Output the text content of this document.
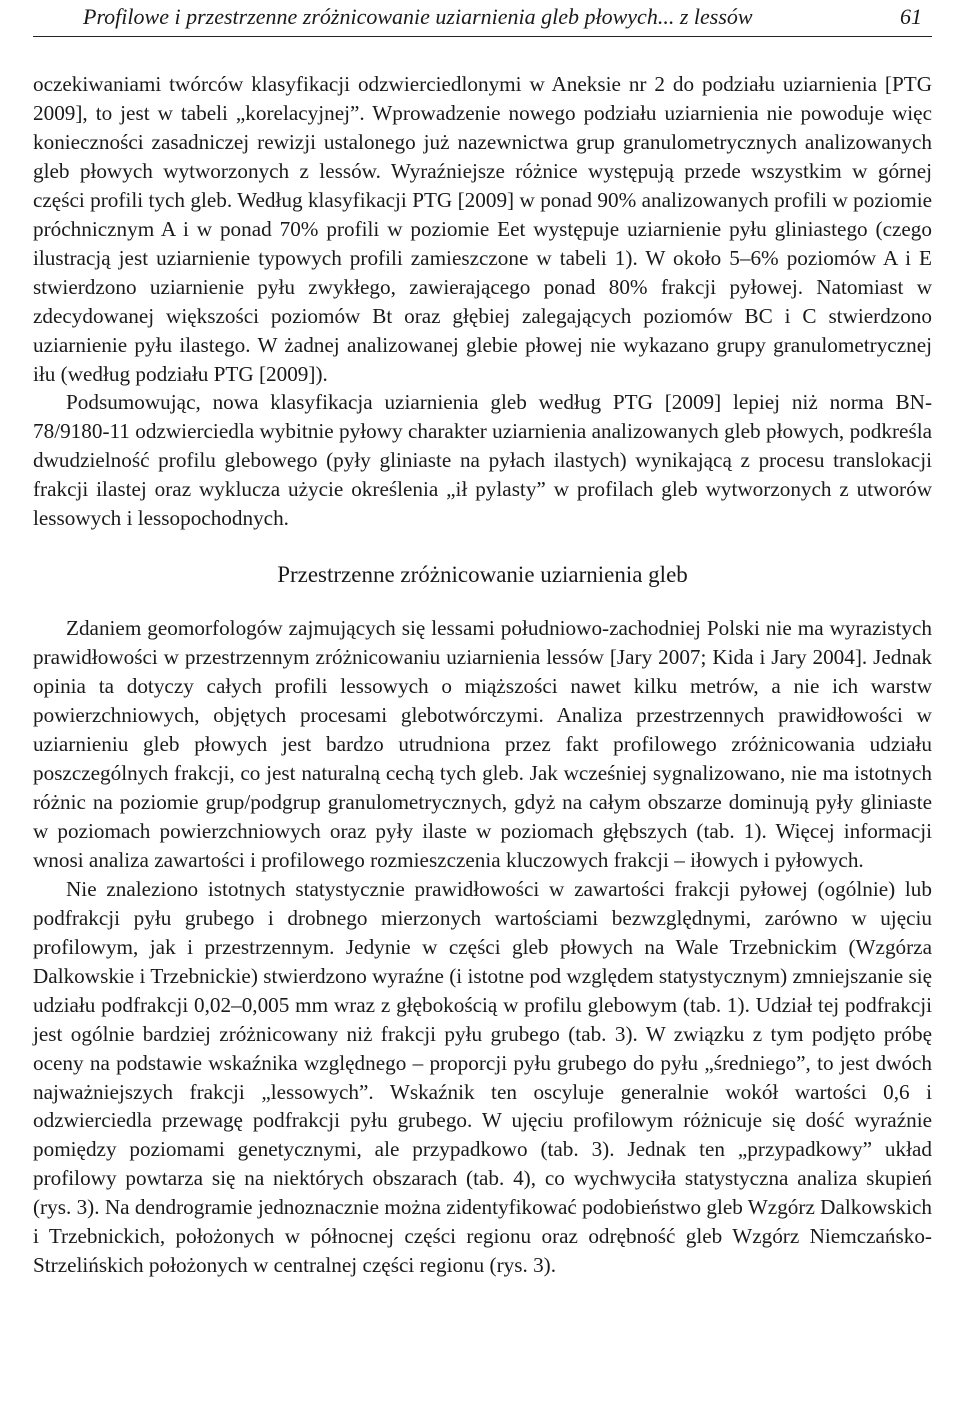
Profilowe i przestrzenne zróżnicowanie uziarnienia gleb płowych... z lessów	61

oczekiwaniami twórców klasyfikacji odzwierciedlonymi w Aneksie nr 2 do podziału uziarnienia [PTG 2009], to jest w tabeli „korelacyjnej”. Wprowadzenie nowego podziału uziarnienia nie powoduje więc konieczności zasadniczej rewizji ustalonego już nazewnictwa grup granulometrycznych analizowanych gleb płowych wytworzonych z lessów. Wyraźniejsze różnice występują przede wszystkim w górnej części profili tych gleb. Według klasyfikacji PTG [2009] w ponad 90% analizowanych profili w poziomie próchnicznym A i w ponad 70% profili w poziomie Eet występuje uziarnienie pyłu gliniastego (czego ilustracją jest uziarnienie typowych profili zamieszczone w tabeli 1). W około 5–6% poziomów A i E stwierdzono uziarnienie pyłu zwykłego, zawierającego ponad 80% frakcji pyłowej. Natomiast w zdecydowanej większości poziomów Bt oraz głębiej zalegających poziomów BC i C stwierdzono uziarnienie pyłu ilastego. W żadnej analizowanej glebie płowej nie wykazano grupy granulometrycznej iłu (według podziału PTG [2009]).

Podsumowując, nowa klasyfikacja uziarnienia gleb według PTG [2009] lepiej niż norma BN-78/9180-11 odzwierciedla wybitnie pyłowy charakter uziarnienia analizowanych gleb płowych, podkreśla dwudzielność profilu glebowego (pyły gliniaste na pyłach ilastych) wynikającą z procesu translokacji frakcji ilastej oraz wyklucza użycie określenia „ił pylasty” w profilach gleb wytworzonych z utworów lessowych i lessopochodnych.

Przestrzenne zróżnicowanie uziarnienia gleb

Zdaniem geomorfologów zajmujących się lessami południowo-zachodniej Polski nie ma wyrazistych prawidłowości w przestrzennym zróżnicowaniu uziarnienia lessów [Jary 2007; Kida i Jary 2004]. Jednak opinia ta dotyczy całych profili lessowych o miąższości nawet kilku metrów, a nie ich warstw powierzchniowych, objętych procesami glebotwórczymi. Analiza przestrzennych prawidłowości w uziarnieniu gleb płowych jest bardzo utrudniona przez fakt profilowego zróżnicowania udziału poszczególnych frakcji, co jest naturalną cechą tych gleb. Jak wcześniej sygnalizowano, nie ma istotnych różnic na poziomie grup/podgrup granulometrycznych, gdyż na całym obszarze dominują pyły gliniaste w poziomach powierzchniowych oraz pyły ilaste w poziomach głębszych (tab. 1). Więcej informacji wnosi analiza zawartości i profilowego rozmieszczenia kluczowych frakcji – iłowych i pyłowych.

Nie znaleziono istotnych statystycznie prawidłowości w zawartości frakcji pyłowej (ogólnie) lub podfrakcji pyłu grubego i drobnego mierzonych wartościami bezwzględnymi, zarówno w ujęciu profilowym, jak i przestrzennym. Jedynie w części gleb płowych na Wale Trzebnickim (Wzgórza Dalkowskie i Trzebnickie) stwierdzono wyraźne (i istotne pod względem statystycznym) zmniejszanie się udziału podfrakcji 0,02–0,005 mm wraz z głębokością w profilu glebowym (tab. 1). Udział tej podfrakcji jest ogólnie bardziej zróżnicowany niż frakcji pyłu grubego (tab. 3). W związku z tym podjęto próbę oceny na podstawie wskaźnika względnego – proporcji pyłu grubego do pyłu „średniego”, to jest dwóch najważniejszych frakcji „lessowych”. Wskaźnik ten oscyluje generalnie wokół wartości 0,6 i odzwierciedla przewagę podfrakcji pyłu grubego. W ujęciu profilowym różnicuje się dość wyraźnie pomiędzy poziomami genetycznymi, ale przypadkowo (tab. 3). Jednak ten „przypadkowy” układ profilowy powtarza się na niektórych obszarach (tab. 4), co wychwyciła statystyczna analiza skupień (rys. 3). Na dendrogramie jednoznacznie można zidentyfikować podobieństwo gleb Wzgórz Dalkowskich i Trzebnickich, położonych w północnej części regionu oraz odrębność gleb Wzgórz Niemczańsko-Strzelińskich położonych w centralnej części regionu (rys. 3).
